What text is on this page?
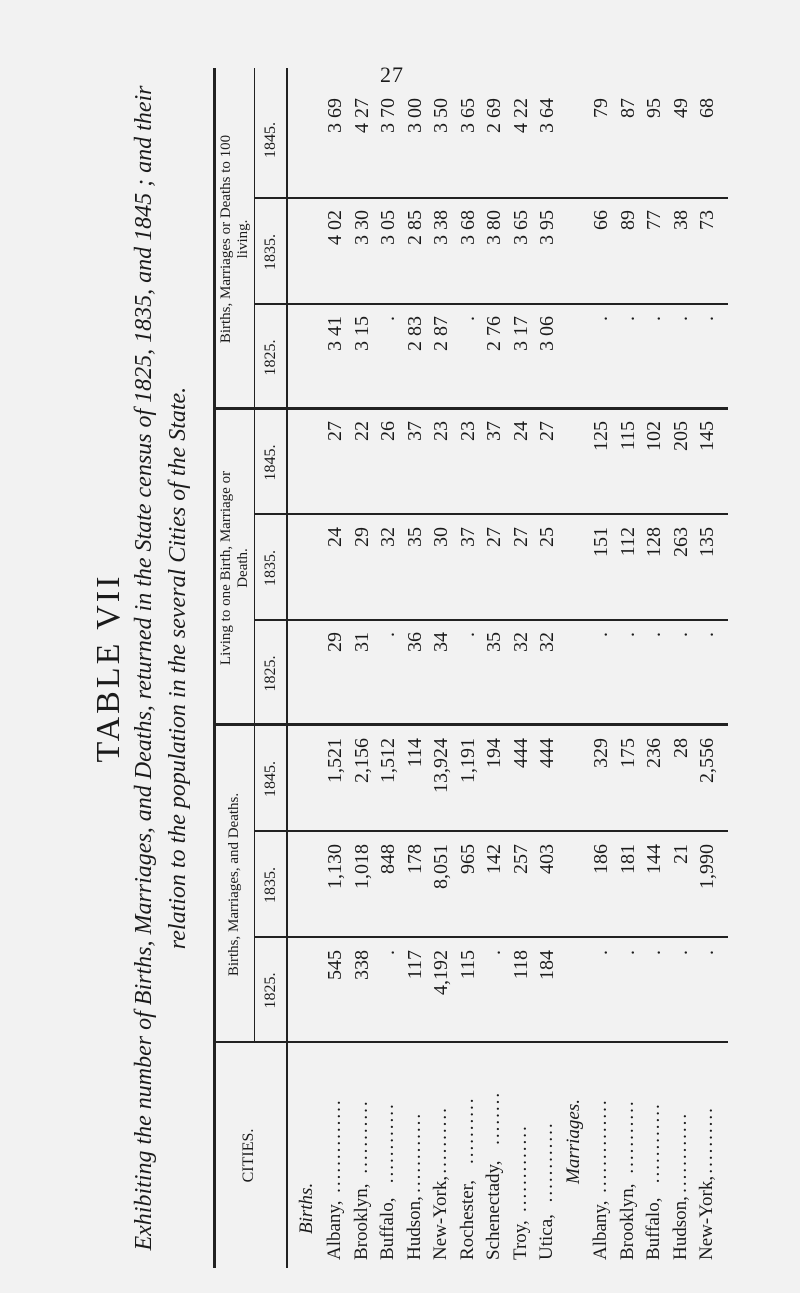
27
TABLE VII Exhibiting the number of Births, Marriages, and Deaths, returned in the State census of 1825, 1835, and 1845 ; and their relation to the population in the several Cities of the State.
CITIES.
Births, Marriages, and Deaths.
Living to one Birth, Marriage or
Death.
Births, Marriages or Deaths to 100
living.
1825.
1835.
1845.
1825.
1835.
1845.
1825.
1835.
1845.
Births. Albany,
..............
545
1,130
1,521
29
24
27
3 41
4 02
3 69
Brooklyn,
...........
338
1,018
2,156
31
29
22
3 15
3 30
4 27
Buffalo,
............
.
848
1,512
.
32
26
.
3 05
3 70
Hudson,
............
117
178
114
36
35
37
2 83
2 85
3 00
New-York,
..........
4,192
8,051
13,924
34
30
23
2 87
3 38
3 50
Rochester,
..........
115
965
1,191
.
37
23
.
3 68
3 65
Schenectady,
........
.
142
194
35
27
37
2 76
3 80
2 69
Troy,
.............
118
257
444
32
27
24
3 17
3 65
4 22
Utica,
............
184
403
444
32
25
27
3 06
3 95
3 64
Marriages.
Albany,
..............
.
186
329
.
151
125
.
66
79
Brooklyn,
...........
.
181
175
.
112
115
.
89
87
Buffalo,
............
.
144
236
.
128
102
.
77
95
Hudson,
............
.
21
28
.
263
205
.
38
49
New-York,
..........
.
1,990
2,556
.
135
145
.
73
68
